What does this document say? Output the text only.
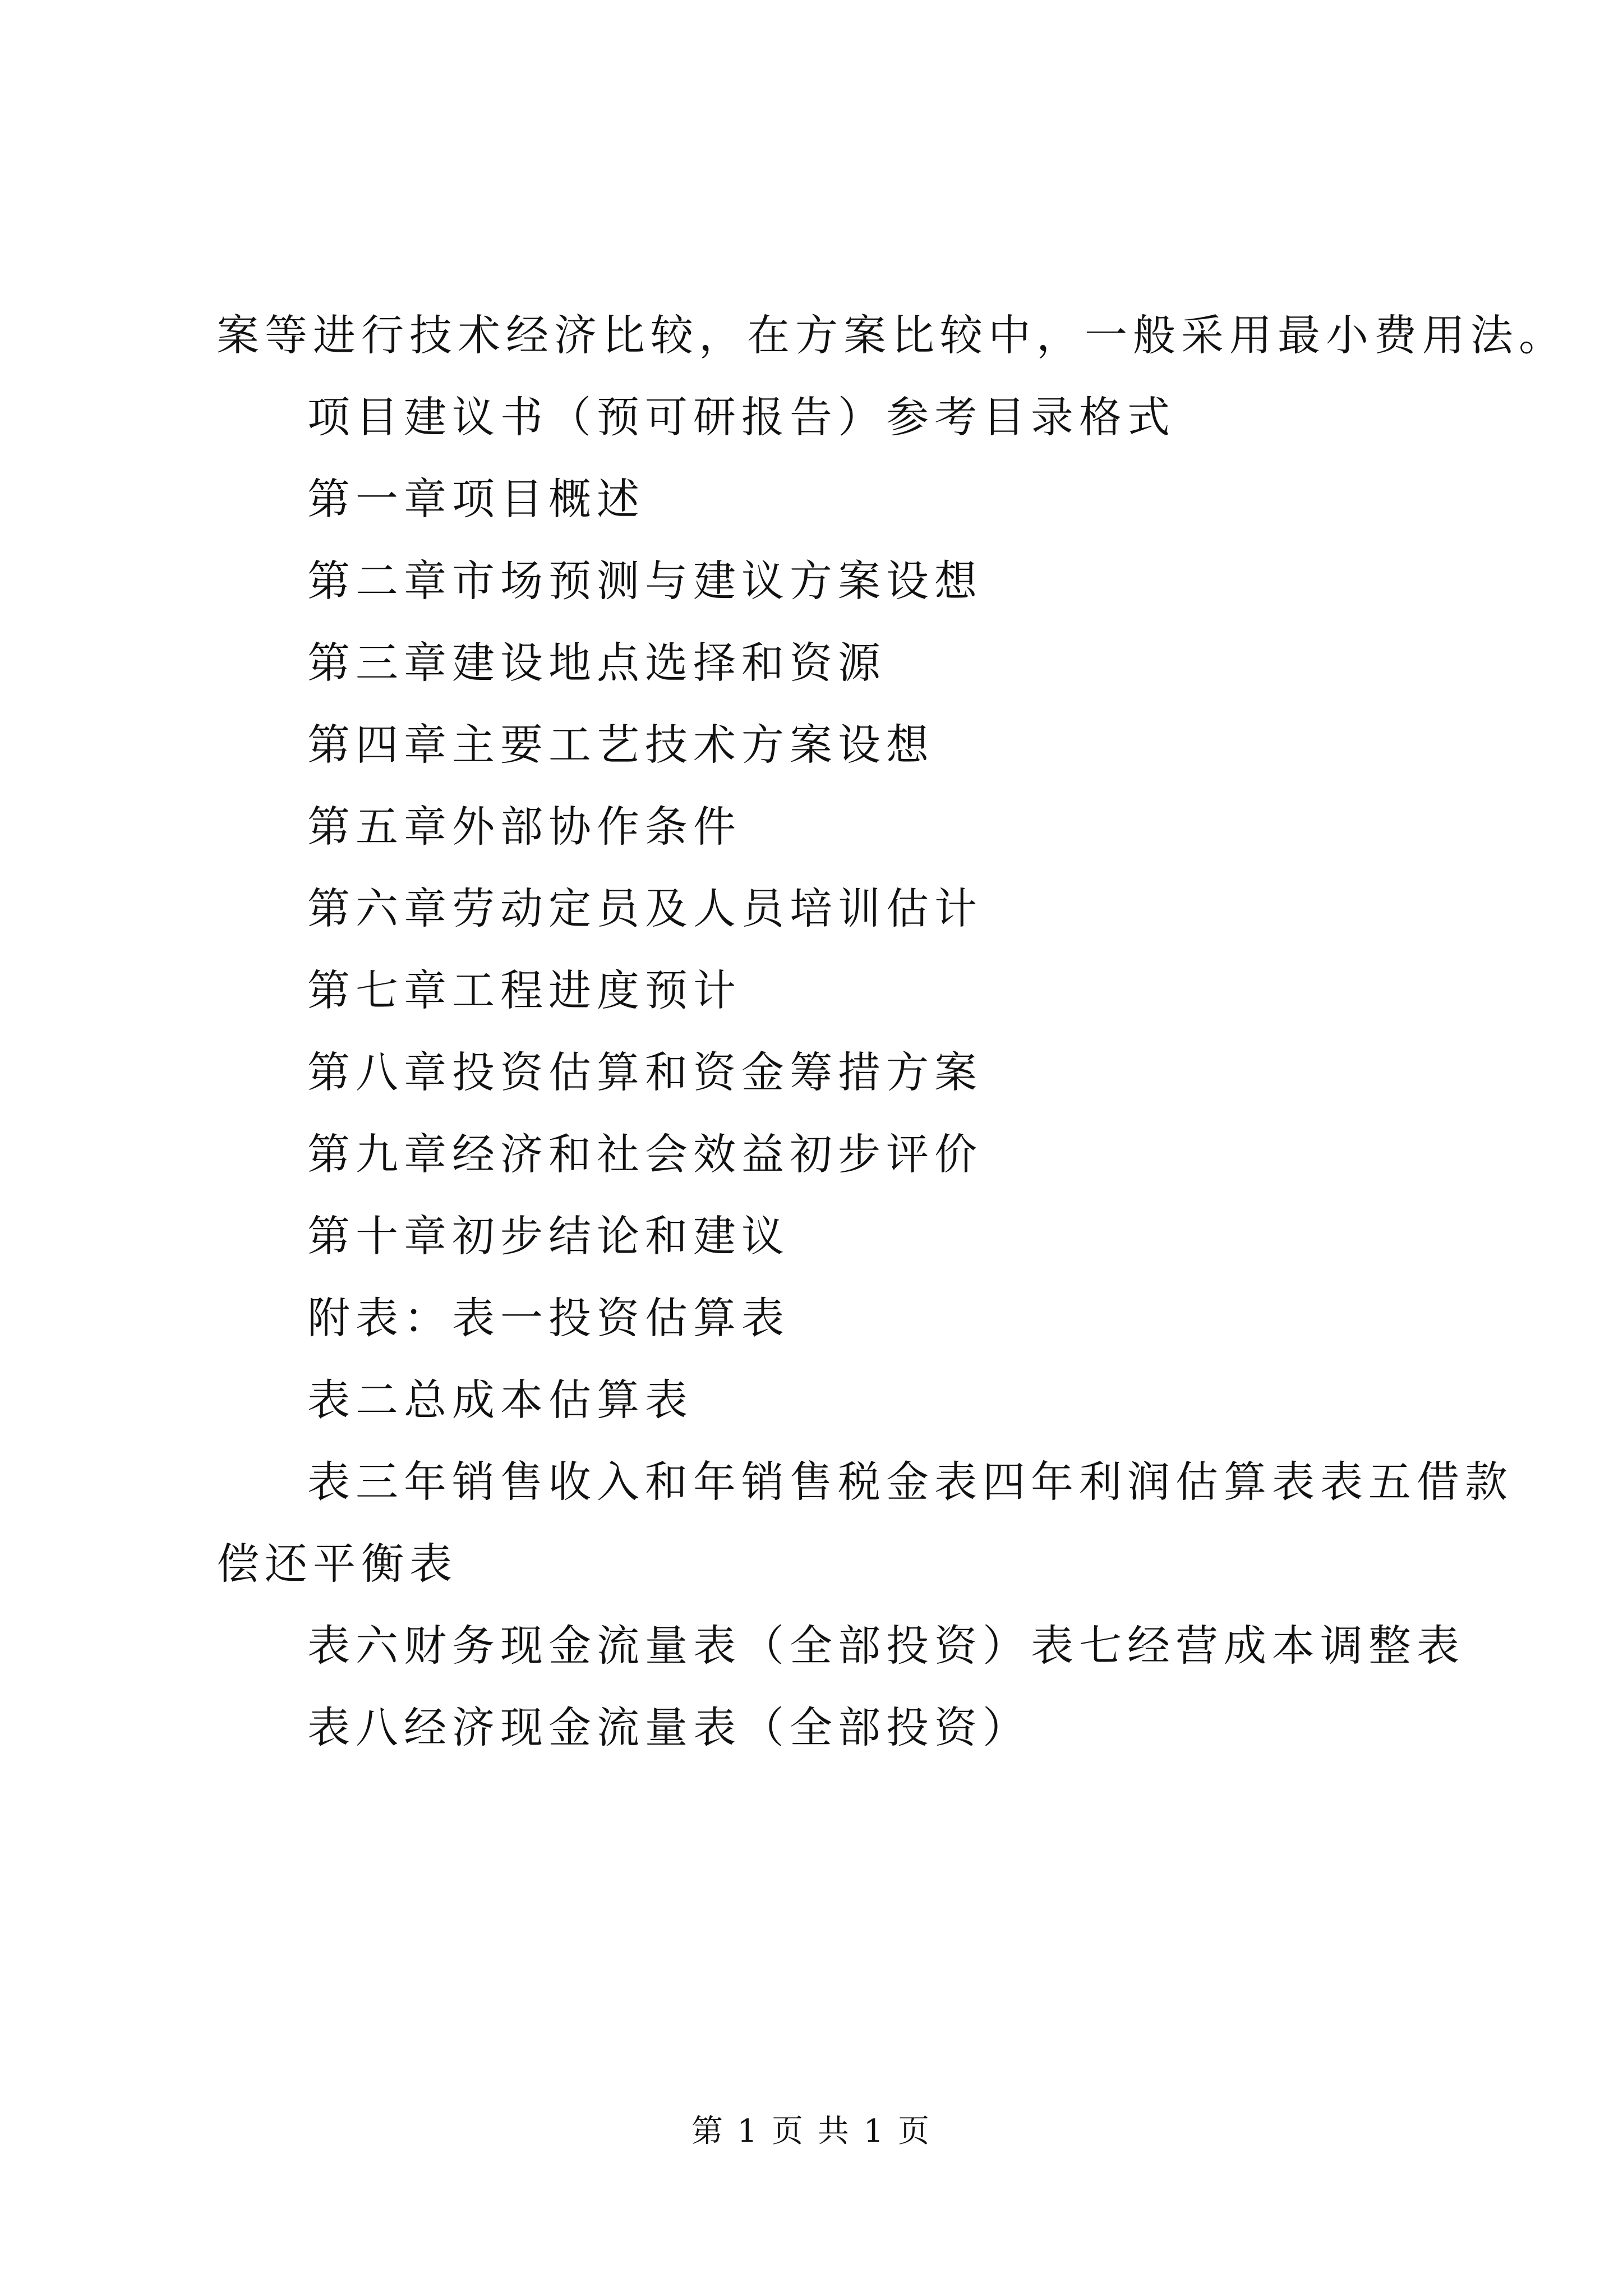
案等进行技术经济比较，在方案比较中，一般采用最小费用法。
项目建议书（预可研报告）参考目录格式
第一章项目概述
第二章市场预测与建议方案设想
第三章建设地点选择和资源
第四章主要工艺技术方案设想
第五章外部协作条件
第六章劳动定员及人员培训估计
第七章工程进度预计
第八章投资估算和资金筹措方案
第九章经济和社会效益初步评价
第十章初步结论和建议
附表：表一投资估算表
表二总成本估算表
表三年销售收入和年销售税金表四年利润估算表表五借款
偿还平衡表
表六财务现金流量表（全部投资）表七经营成本调整表
表八经济现金流量表（全部投资）
第 1 页 共 1 页
